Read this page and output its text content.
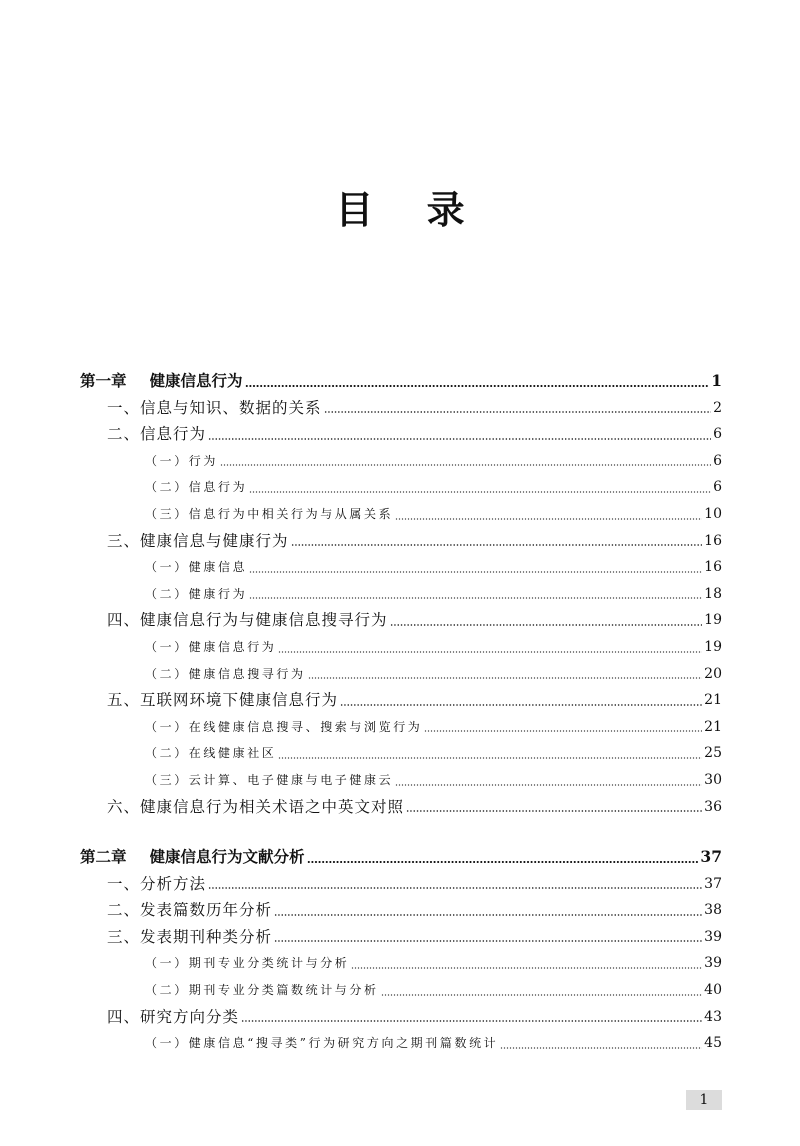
目 录
第一章 健康信息行为	1
一、信息与知识、数据的关系	2
二、信息行为	6
（一）行为	6
（二）信息行为	6
（三）信息行为中相关行为与从属关系	10
三、健康信息与健康行为	16
（一）健康信息	16
（二）健康行为	18
四、健康信息行为与健康信息搜寻行为	19
（一）健康信息行为	19
（二）健康信息搜寻行为	20
五、互联网环境下健康信息行为	21
（一）在线健康信息搜寻、搜索与浏览行为	21
（二）在线健康社区	25
（三）云计算、电子健康与电子健康云	30
六、健康信息行为相关术语之中英文对照	36
第二章 健康信息行为文献分析	37
一、分析方法	37
二、发表篇数历年分析	38
三、发表期刊种类分析	39
（一）期刊专业分类统计与分析	39
（二）期刊专业分类篇数统计与分析	40
四、研究方向分类	43
（一）健康信息“搜寻类”行为研究方向之期刊篇数统计	45
1
